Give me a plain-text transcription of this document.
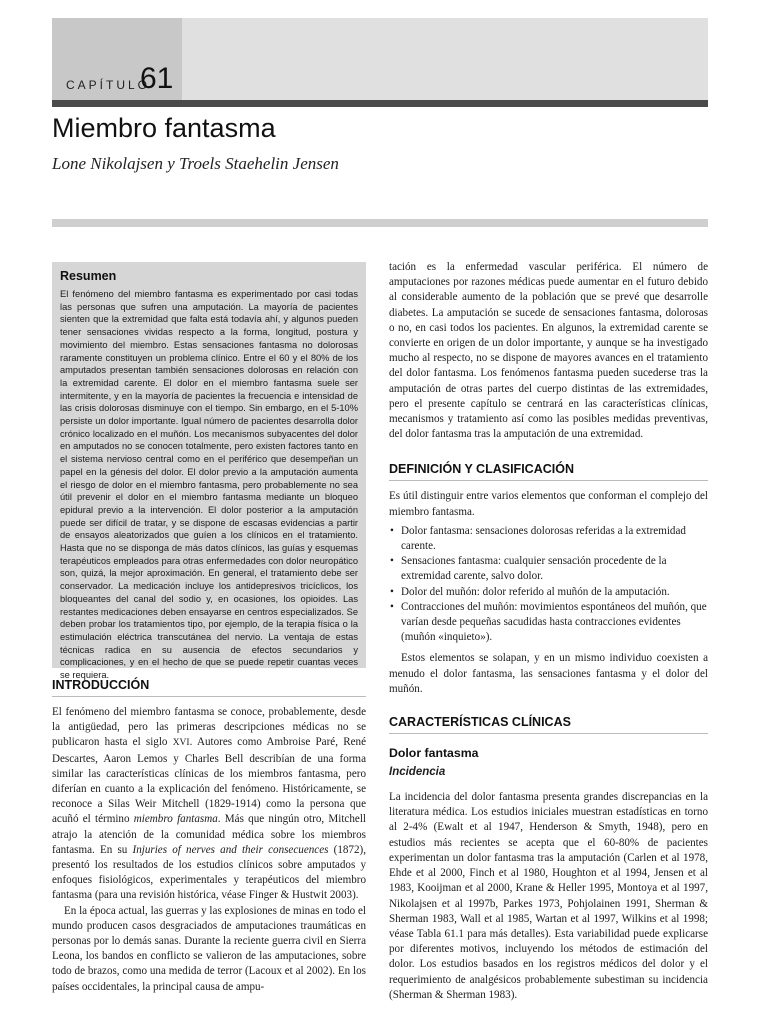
CAPÍTULO
61
Miembro fantasma
Lone Nikolajsen y Troels Staehelin Jensen
Resumen

El fenómeno del miembro fantasma es experimentado por casi todas las personas que sufren una amputación. La mayoría de pacientes sienten que la extremidad que falta está todavía ahí, y algunos pueden tener sensaciones vividas respecto a la forma, longitud, postura y movimiento del miembro. Estas sensaciones fantasma no dolorosas raramente constituyen un problema clínico. Entre el 60 y el 80% de los amputados presentan también sensaciones dolorosas en relación con la extremidad carente. El dolor en el miembro fantasma suele ser intermitente, y en la mayoría de pacientes la frecuencia e intensidad de las crisis dolorosas disminuye con el tiempo. Sin embargo, en el 5-10% persiste un dolor importante. Igual número de pacientes desarrolla dolor crónico localizado en el muñón. Los mecanismos subyacentes del dolor en amputados no se conocen totalmente, pero existen factores tanto en el sistema nervioso central como en el periférico que desempeñan un papel en la génesis del dolor. El dolor previo a la amputación aumenta el riesgo de dolor en el miembro fantasma, pero probablemente no sea útil prevenir el dolor en el miembro fantasma mediante un bloqueo epidural previo a la intervención. El dolor posterior a la amputación puede ser difícil de tratar, y se dispone de escasas evidencias a partir de ensayos aleatorizados que guíen a los clínicos en el tratamiento. Hasta que no se disponga de más datos clínicos, las guías y esquemas terapéuticos empleados para otras enfermedades con dolor neuropático son, quizá, la mejor aproximación. En general, el tratamiento debe ser conservador. La medicación incluye los antidepresivos tricíclicos, los bloqueantes del canal del sodio y, en ocasiones, los opioides. Las restantes medicaciones deben ensayarse en centros especializados. Se deben probar los tratamientos tipo, por ejemplo, de la terapia física o la estimulación eléctrica transcutánea del nervio. La ventaja de estas técnicas radica en su ausencia de efectos secundarios y complicaciones, y en el hecho de que se puede repetir cuantas veces se requiera.

INTRODUCCIÓN

El fenómeno del miembro fantasma se conoce, probablemente, desde la antigüedad, pero las primeras descripciones médicas no se publicaron hasta el siglo XVI. Autores como Ambroise Paré, René Descartes, Aaron Lemos y Charles Bell describían de una forma similar las características clínicas de los miembros fantasma, pero diferían en cuanto a la explicación del fenómeno. Históricamente, se reconoce a Silas Weir Mitchell (1829-1914) como la persona que acuñó el término miembro fantasma. Más que ningún otro, Mitchell atrajo la atención de la comunidad médica sobre los miembros fantasma. En su Injuries of nerves and their consecuences (1872), presentó los resultados de los estudios clínicos sobre amputados y enfoques fisiológicos, experimentales y terapéuticos del miembro fantasma (para una revisión histórica, véase Finger & Hustwit 2003).

En la época actual, las guerras y las explosiones de minas en todo el mundo producen casos desgraciados de amputaciones traumáticas en personas por lo demás sanas. Durante la reciente guerra civil en Sierra Leona, los bandos en conflicto se valieron de las amputaciones, sobre todo de brazos, como una medida de terror (Lacoux et al 2002). En los países occidentales, la principal causa de ampu-

tación es la enfermedad vascular periférica. El número de amputaciones por razones médicas puede aumentar en el futuro debido al considerable aumento de la población que se prevé que desarrolle diabetes. La amputación se sucede de sensaciones fantasma, dolorosas o no, en casi todos los pacientes. En algunos, la extremidad carente se convierte en origen de un dolor importante, y aunque se ha investigado mucho al respecto, no se dispone de mayores avances en el tratamiento del dolor fantasma. Los fenómenos fantasma pueden sucederse tras la amputación de otras partes del cuerpo distintas de las extremidades, pero el presente capítulo se centrará en las características clínicas, mecanismos y tratamiento así como las posibles medidas preventivas, del dolor fantasma tras la amputación de una extremidad.

DEFINICIÓN Y CLASIFICACIÓN

Es útil distinguir entre varios elementos que conforman el complejo del miembro fantasma.

• Dolor fantasma: sensaciones dolorosas referidas a la extremidad carente.
• Sensaciones fantasma: cualquier sensación procedente de la extremidad carente, salvo dolor.
• Dolor del muñón: dolor referido al muñón de la amputación.
• Contracciones del muñón: movimientos espontáneos del muñón, que varían desde pequeñas sacudidas hasta contracciones evidentes (muñón «inquieto»).

Estos elementos se solapan, y en un mismo individuo coexisten a menudo el dolor fantasma, las sensaciones fantasma y el dolor del muñón.

CARACTERÍSTICAS CLÍNICAS
Dolor fantasma
Incidencia

La incidencia del dolor fantasma presenta grandes discrepancias en la literatura médica. Los estudios iniciales muestran estadísticas en torno al 2-4% (Ewalt et al 1947, Henderson & Smyth, 1948), pero en estudios más recientes se acepta que el 60-80% de pacientes experimentan un dolor fantasma tras la amputación (Carlen et al 1978, Ehde et al 2000, Finch et al 1980, Houghton et al 1994, Jensen et al 1983, Kooijman et al 2000, Krane & Heller 1995, Montoya et al 1997, Nikolajsen et al 1997b, Parkes 1973, Pohjolainen 1991, Sherman & Sherman 1983, Wall et al 1985, Wartan et al 1997, Wilkins et al 1998; véase Tabla 61.1 para más detalles). Esta variabilidad puede explicarse por diferentes motivos, incluyendo los métodos de estimación del dolor. Los estudios basados en los registros médicos del dolor y el requerimiento de analgésicos probablemente subestiman su incidencia (Sherman & Sherman 1983).
